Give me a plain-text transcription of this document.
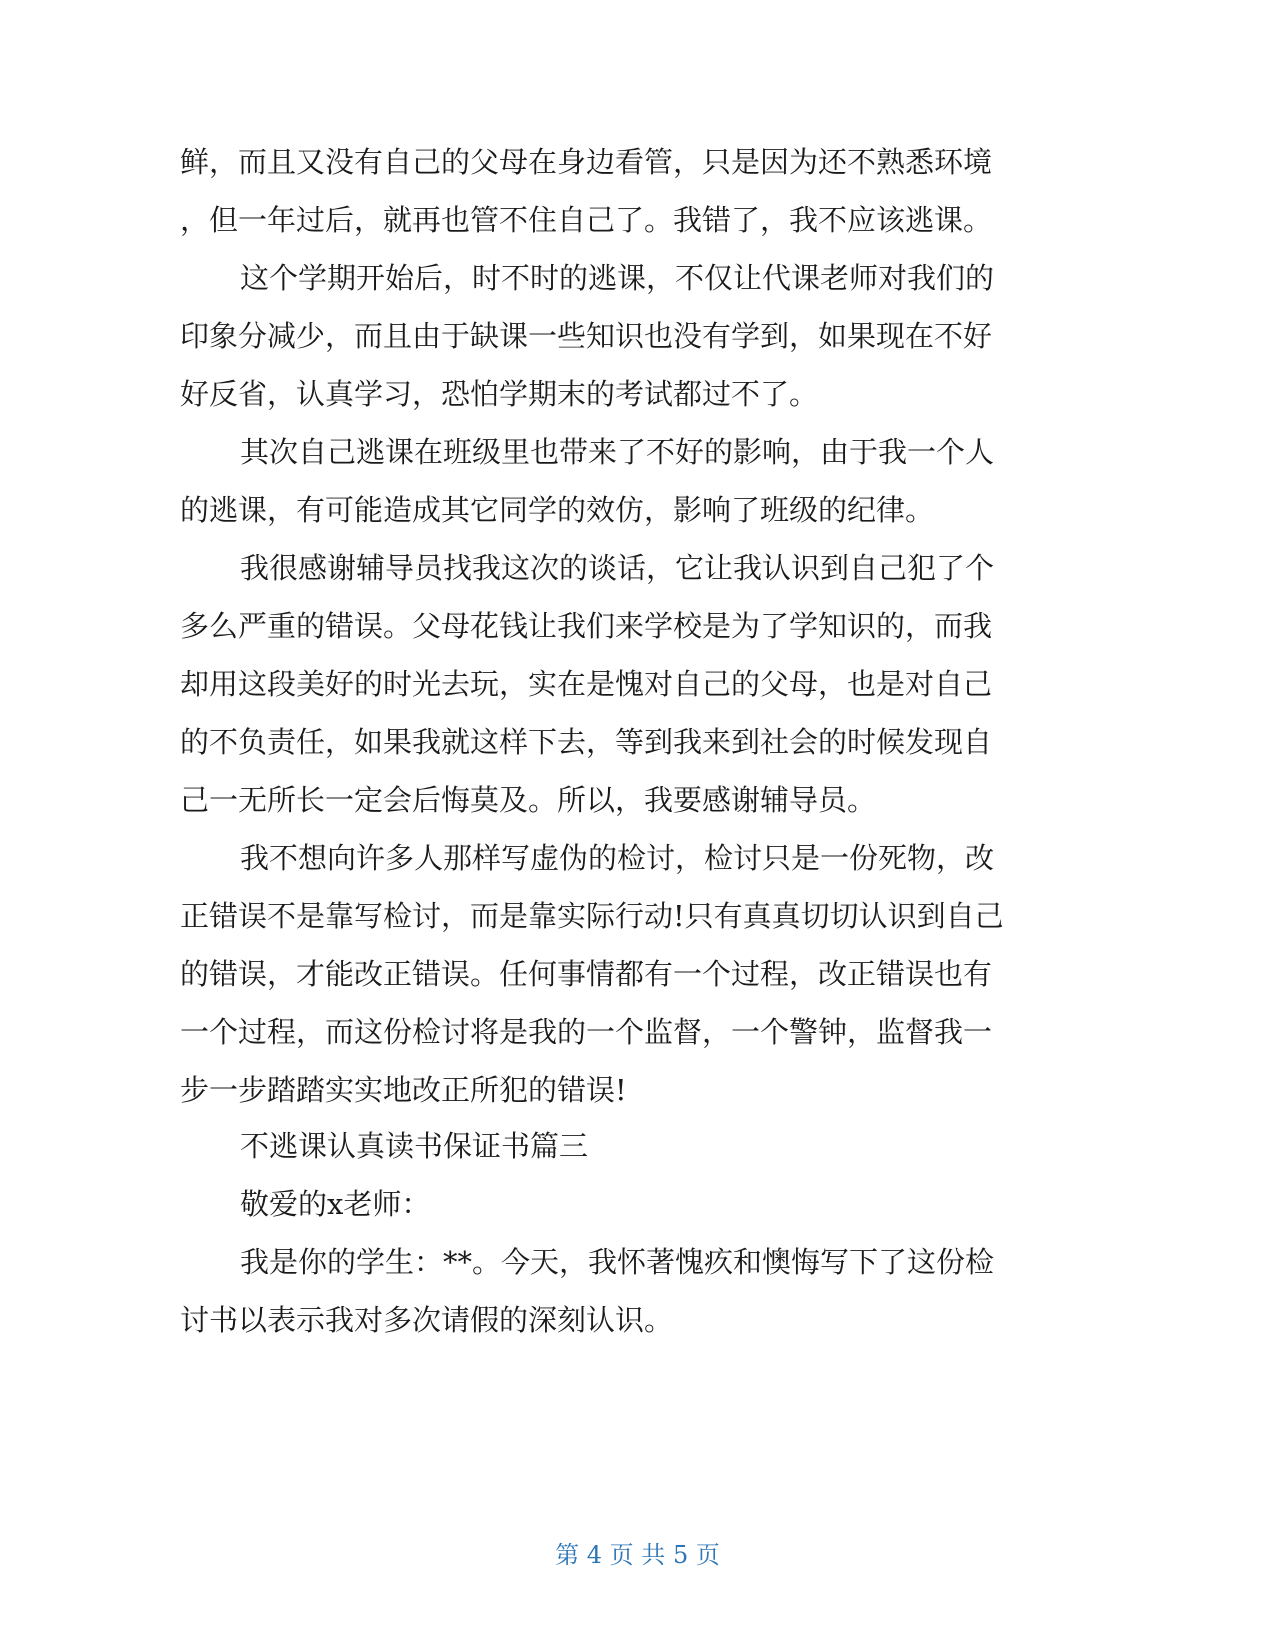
鲜，而且又没有自己的父母在身边看管，只是因为还不熟悉环境
，但一年过后，就再也管不住自己了。我错了，我不应该逃课。
这个学期开始后，时不时的逃课，不仅让代课老师对我们的
印象分减少，而且由于缺课一些知识也没有学到，如果现在不好
好反省，认真学习，恐怕学期末的考试都过不了。
其次自己逃课在班级里也带来了不好的影响，由于我一个人
的逃课，有可能造成其它同学的效仿，影响了班级的纪律。
我很感谢辅导员找我这次的谈话，它让我认识到自己犯了个
多么严重的错误。父母花钱让我们来学校是为了学知识的，而我
却用这段美好的时光去玩，实在是愧对自己的父母，也是对自己
的不负责任，如果我就这样下去，等到我来到社会的时候发现自
己一无所长一定会后悔莫及。所以，我要感谢辅导员。
我不想向许多人那样写虚伪的检讨，检讨只是一份死物，改
正错误不是靠写检讨，而是靠实际行动!只有真真切切认识到自己
的错误，才能改正错误。任何事情都有一个过程，改正错误也有
一个过程，而这份检讨将是我的一个监督，一个警钟，监督我一
步一步踏踏实实地改正所犯的错误!
不逃课认真读书保证书篇三
敬爱的x老师：
我是你的学生：**。今天，我怀著愧疚和懊悔写下了这份检
讨书以表示我对多次请假的深刻认识。
第 4 页 共 5 页
